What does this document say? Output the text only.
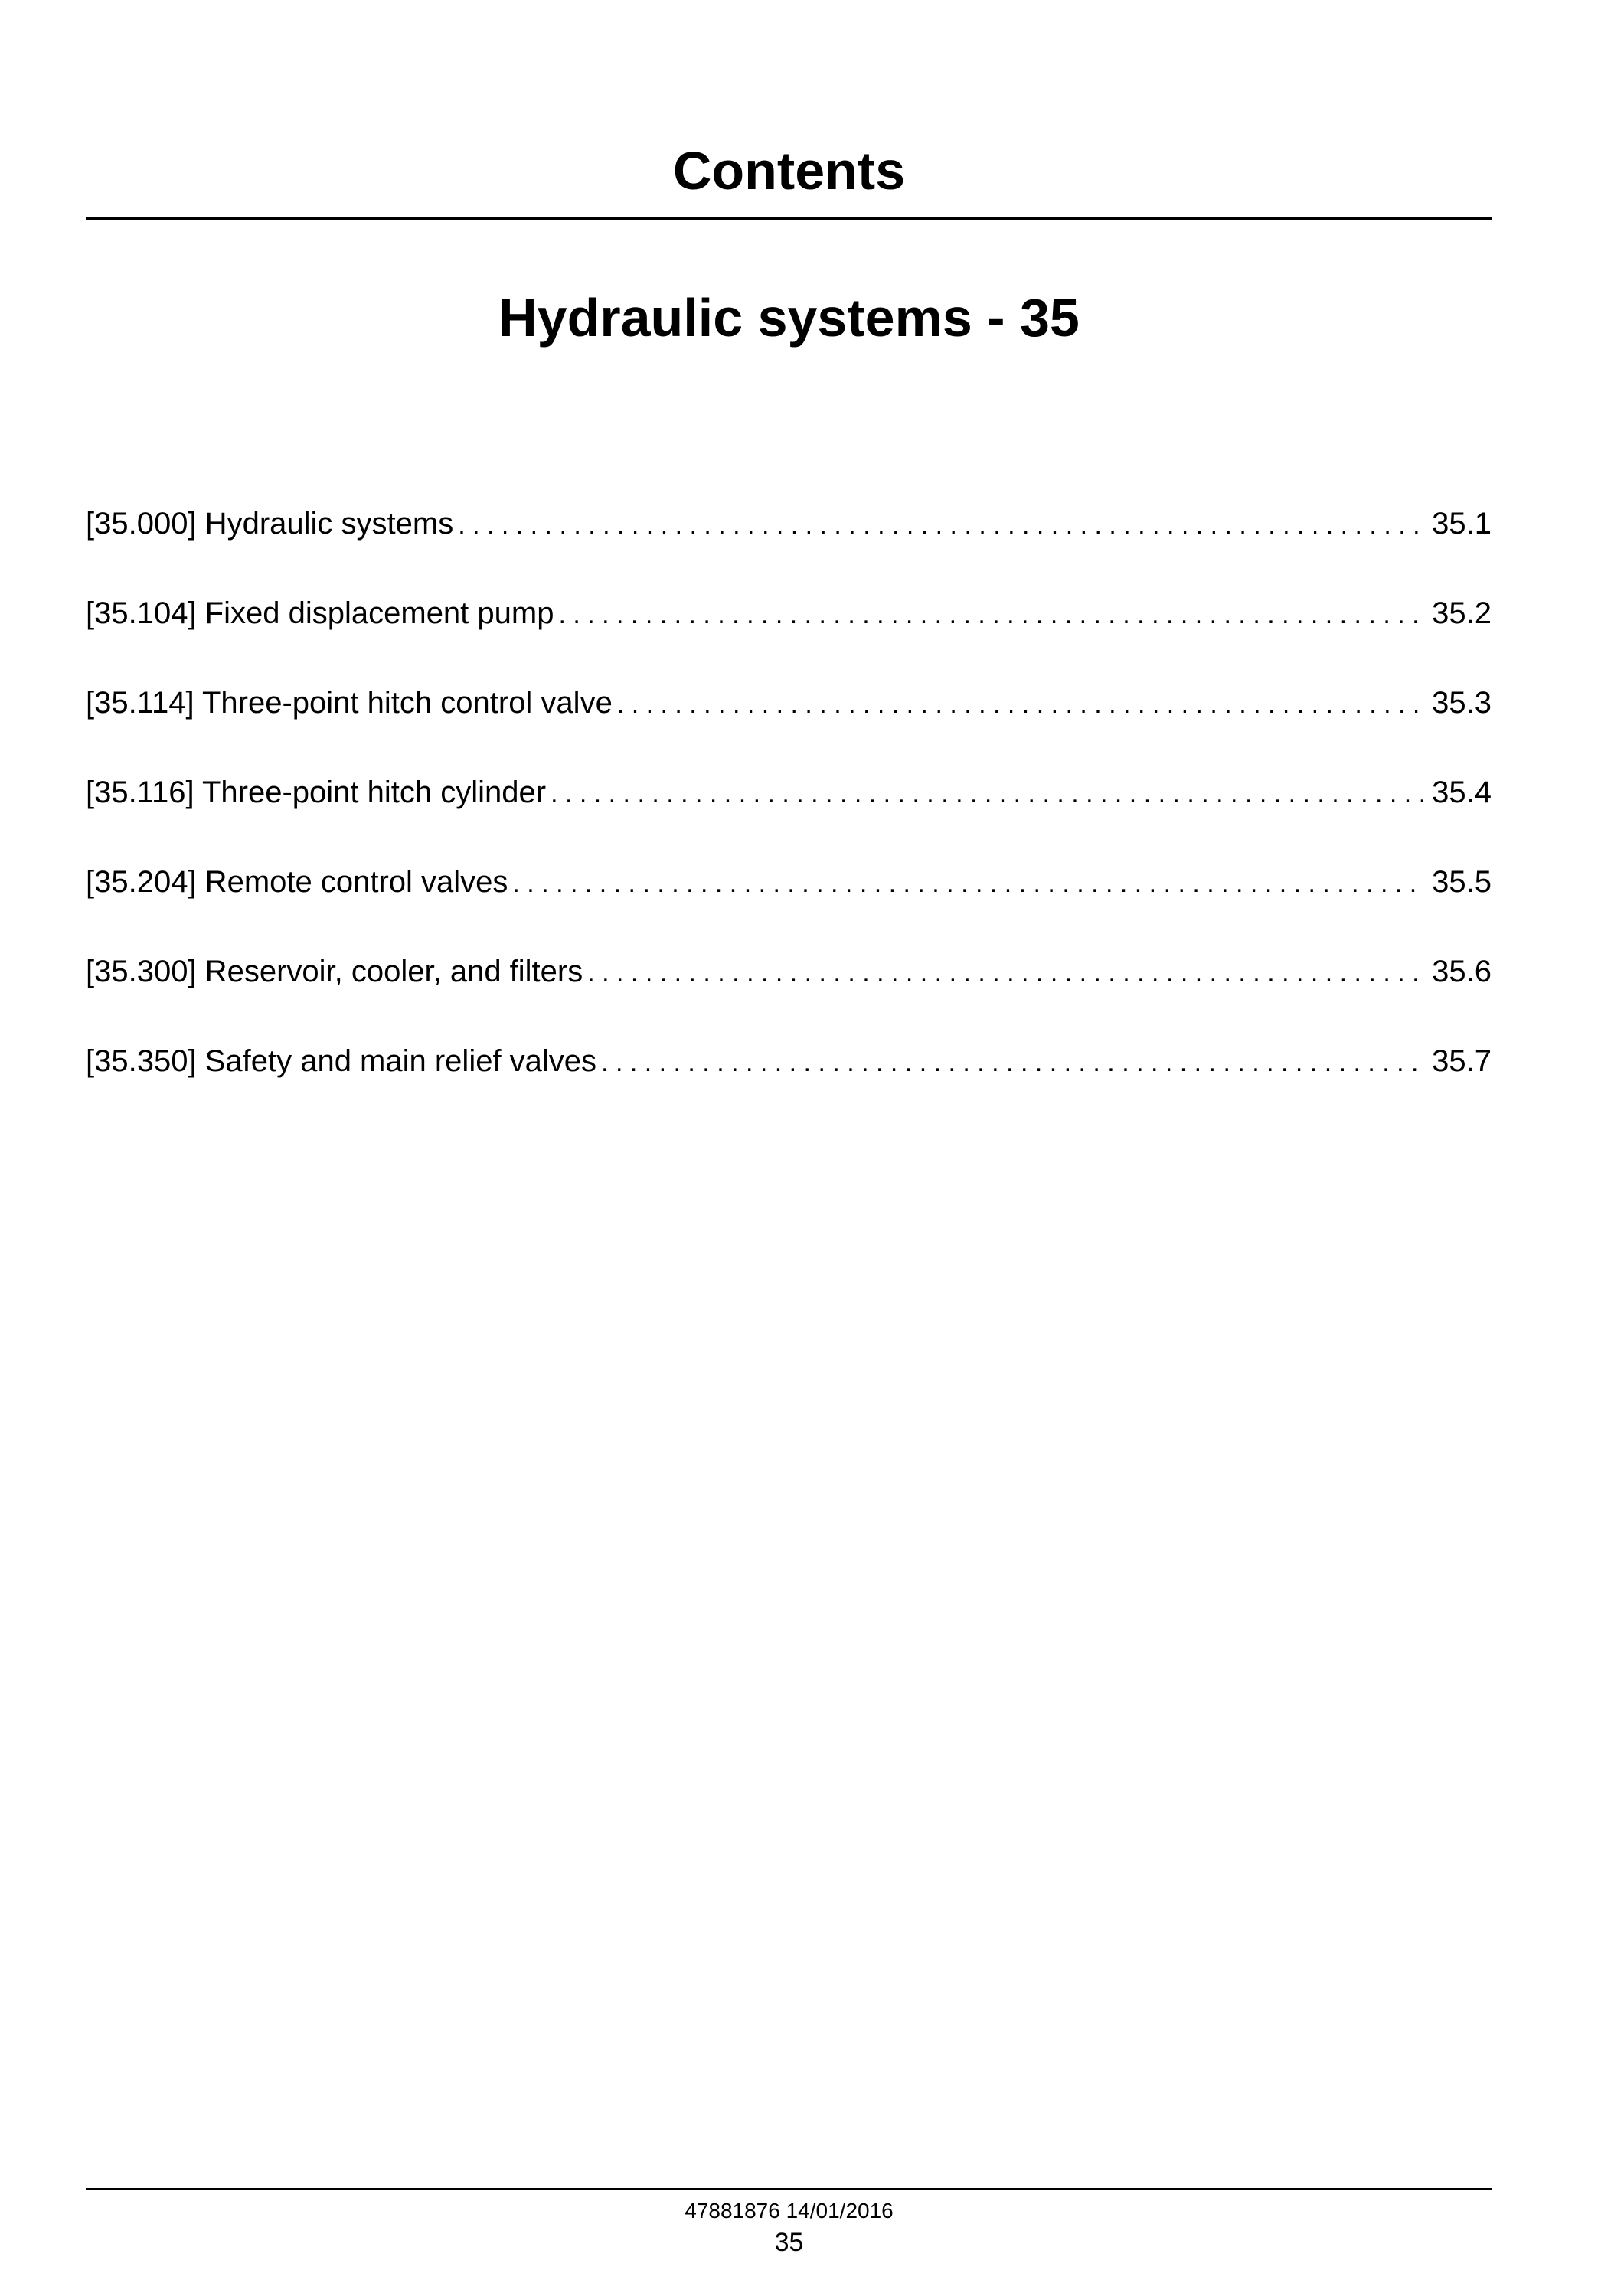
Contents
Hydraulic systems - 35
[35.000] Hydraulic systems . . .	35.1
[35.104] Fixed displacement pump . . .	35.2
[35.114] Three-point hitch control valve . . .	35.3
[35.116] Three-point hitch cylinder . . .	35.4
[35.204] Remote control valves . . .	35.5
[35.300] Reservoir, cooler, and filters . . .	35.6
[35.350] Safety and main relief valves . . .	35.7
47881876 14/01/2016
35
